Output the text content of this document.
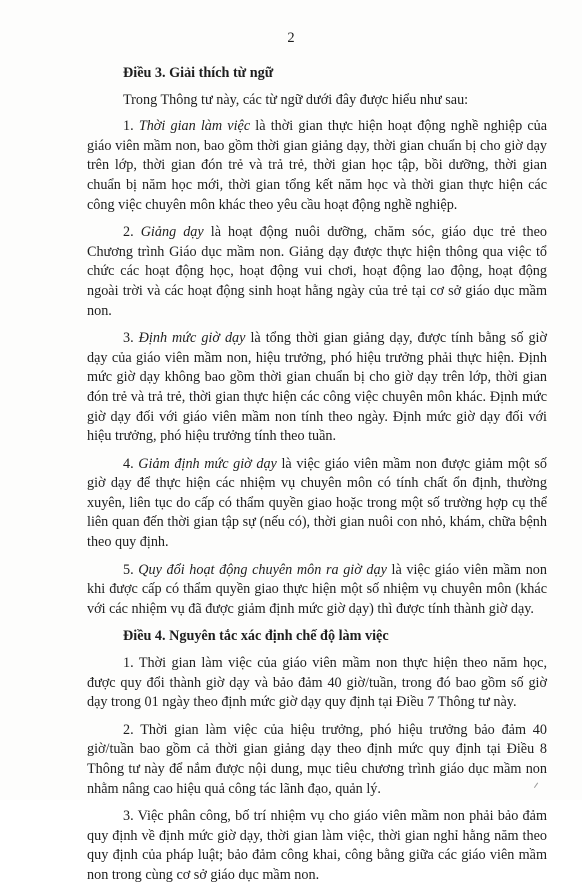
2

Điều 3. Giải thích từ ngữ

Trong Thông tư này, các từ ngữ dưới đây được hiểu như sau:

1. Thời gian làm việc là thời gian thực hiện hoạt động nghề nghiệp của giáo viên mầm non, bao gồm thời gian giảng dạy, thời gian chuẩn bị cho giờ dạy trên lớp, thời gian đón trẻ và trả trẻ, thời gian học tập, bồi dưỡng, thời gian chuẩn bị năm học mới, thời gian tổng kết năm học và thời gian thực hiện các công việc chuyên môn khác theo yêu cầu hoạt động nghề nghiệp.

2. Giảng dạy là hoạt động nuôi dưỡng, chăm sóc, giáo dục trẻ theo Chương trình Giáo dục mầm non. Giảng dạy được thực hiện thông qua việc tổ chức các hoạt động học, hoạt động vui chơi, hoạt động lao động, hoạt động ngoài trời và các hoạt động sinh hoạt hằng ngày của trẻ tại cơ sở giáo dục mầm non.

3. Định mức giờ dạy là tổng thời gian giảng dạy, được tính bằng số giờ dạy của giáo viên mầm non, hiệu trưởng, phó hiệu trưởng phải thực hiện. Định mức giờ dạy không bao gồm thời gian chuẩn bị cho giờ dạy trên lớp, thời gian đón trẻ và trả trẻ, thời gian thực hiện các công việc chuyên môn khác. Định mức giờ dạy đối với giáo viên mầm non tính theo ngày. Định mức giờ dạy đối với hiệu trưởng, phó hiệu trưởng tính theo tuần.

4. Giảm định mức giờ dạy là việc giáo viên mầm non được giảm một số giờ dạy để thực hiện các nhiệm vụ chuyên môn có tính chất ổn định, thường xuyên, liên tục do cấp có thẩm quyền giao hoặc trong một số trường hợp cụ thể liên quan đến thời gian tập sự (nếu có), thời gian nuôi con nhỏ, khám, chữa bệnh theo quy định.

5. Quy đổi hoạt động chuyên môn ra giờ dạy là việc giáo viên mầm non khi được cấp có thẩm quyền giao thực hiện một số nhiệm vụ chuyên môn (khác với các nhiệm vụ đã được giảm định mức giờ dạy) thì được tính thành giờ dạy.

Điều 4. Nguyên tắc xác định chế độ làm việc

1. Thời gian làm việc của giáo viên mầm non thực hiện theo năm học, được quy đổi thành giờ dạy và bảo đảm 40 giờ/tuần, trong đó bao gồm số giờ dạy trong 01 ngày theo định mức giờ dạy quy định tại Điều 7 Thông tư này.

2. Thời gian làm việc của hiệu trưởng, phó hiệu trưởng bảo đảm 40 giờ/tuần bao gồm cả thời gian giảng dạy theo định mức quy định tại Điều 8 Thông tư này để nắm được nội dung, mục tiêu chương trình giáo dục mầm non nhằm nâng cao hiệu quả công tác lãnh đạo, quản lý.

3. Việc phân công, bố trí nhiệm vụ cho giáo viên mầm non phải bảo đảm quy định về định mức giờ dạy, thời gian làm việc, thời gian nghỉ hằng năm theo quy định của pháp luật; bảo đảm công khai, công bằng giữa các giáo viên mầm non trong cùng cơ sở giáo dục mầm non.
